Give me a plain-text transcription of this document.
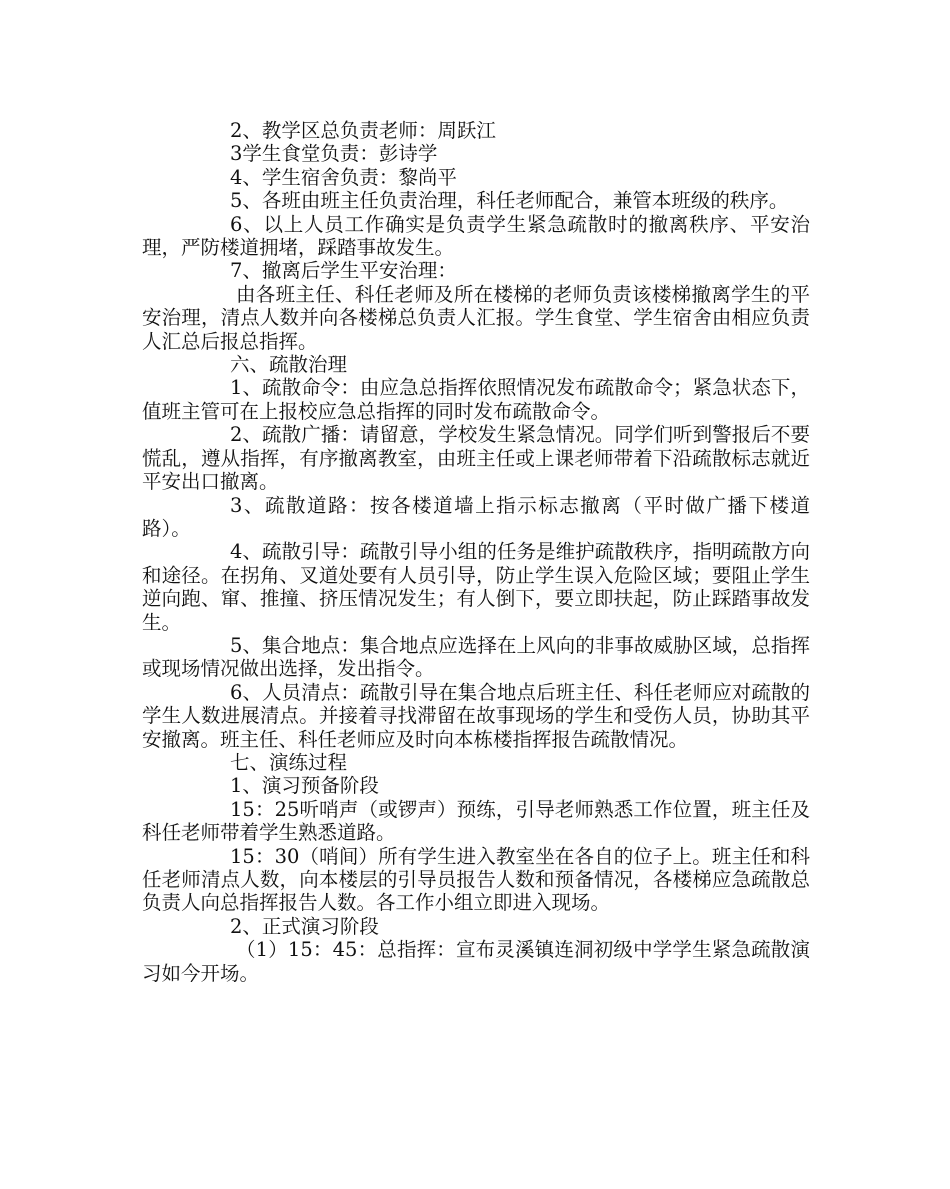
2、教学区总负责老师：周跃江

3学生食堂负责：彭诗学

4、学生宿舍负责：黎尚平

5、各班由班主任负责治理，科任老师配合，兼管本班级的秩序。

6、以上人员工作确实是负责学生紧急疏散时的撤离秩序、平安治理，严防楼道拥堵，踩踏事故发生。

7、撤离后学生平安治理：

由各班主任、科任老师及所在楼梯的老师负责该楼梯撤离学生的平安治理，清点人数并向各楼梯总负责人汇报。学生食堂、学生宿舍由相应负责人汇总后报总指挥。

六、疏散治理

1、疏散命令：由应急总指挥依照情况发布疏散命令；紧急状态下，值班主管可在上报校应急总指挥的同时发布疏散命令。

2、疏散广播：请留意，学校发生紧急情况。同学们听到警报后不要慌乱，遵从指挥，有序撤离教室，由班主任或上课老师带着下沿疏散标志就近平安出口撤离。

3、疏散道路：按各楼道墙上指示标志撤离（平时做广播下楼道路）。

4、疏散引导：疏散引导小组的任务是维护疏散秩序，指明疏散方向和途径。在拐角、叉道处要有人员引导，防止学生误入危险区域；要阻止学生逆向跑、窜、推撞、挤压情况发生；有人倒下，要立即扶起，防止踩踏事故发生。

5、集合地点：集合地点应选择在上风向的非事故威胁区域，总指挥或现场情况做出选择，发出指令。

6、人员清点：疏散引导在集合地点后班主任、科任老师应对疏散的学生人数进展清点。并接着寻找滞留在故事现场的学生和受伤人员，协助其平安撤离。班主任、科任老师应及时向本栋楼指挥报告疏散情况。

七、演练过程

1、演习预备阶段

15：25听哨声（或锣声）预练，引导老师熟悉工作位置，班主任及科任老师带着学生熟悉道路。

15：30（哨间）所有学生进入教室坐在各自的位子上。班主任和科任老师清点人数，向本楼层的引导员报告人数和预备情况，各楼梯应急疏散总负责人向总指挥报告人数。各工作小组立即进入现场。

2、正式演习阶段

（1）15：45：总指挥：宣布灵溪镇连洞初级中学学生紧急疏散演习如今开场。
